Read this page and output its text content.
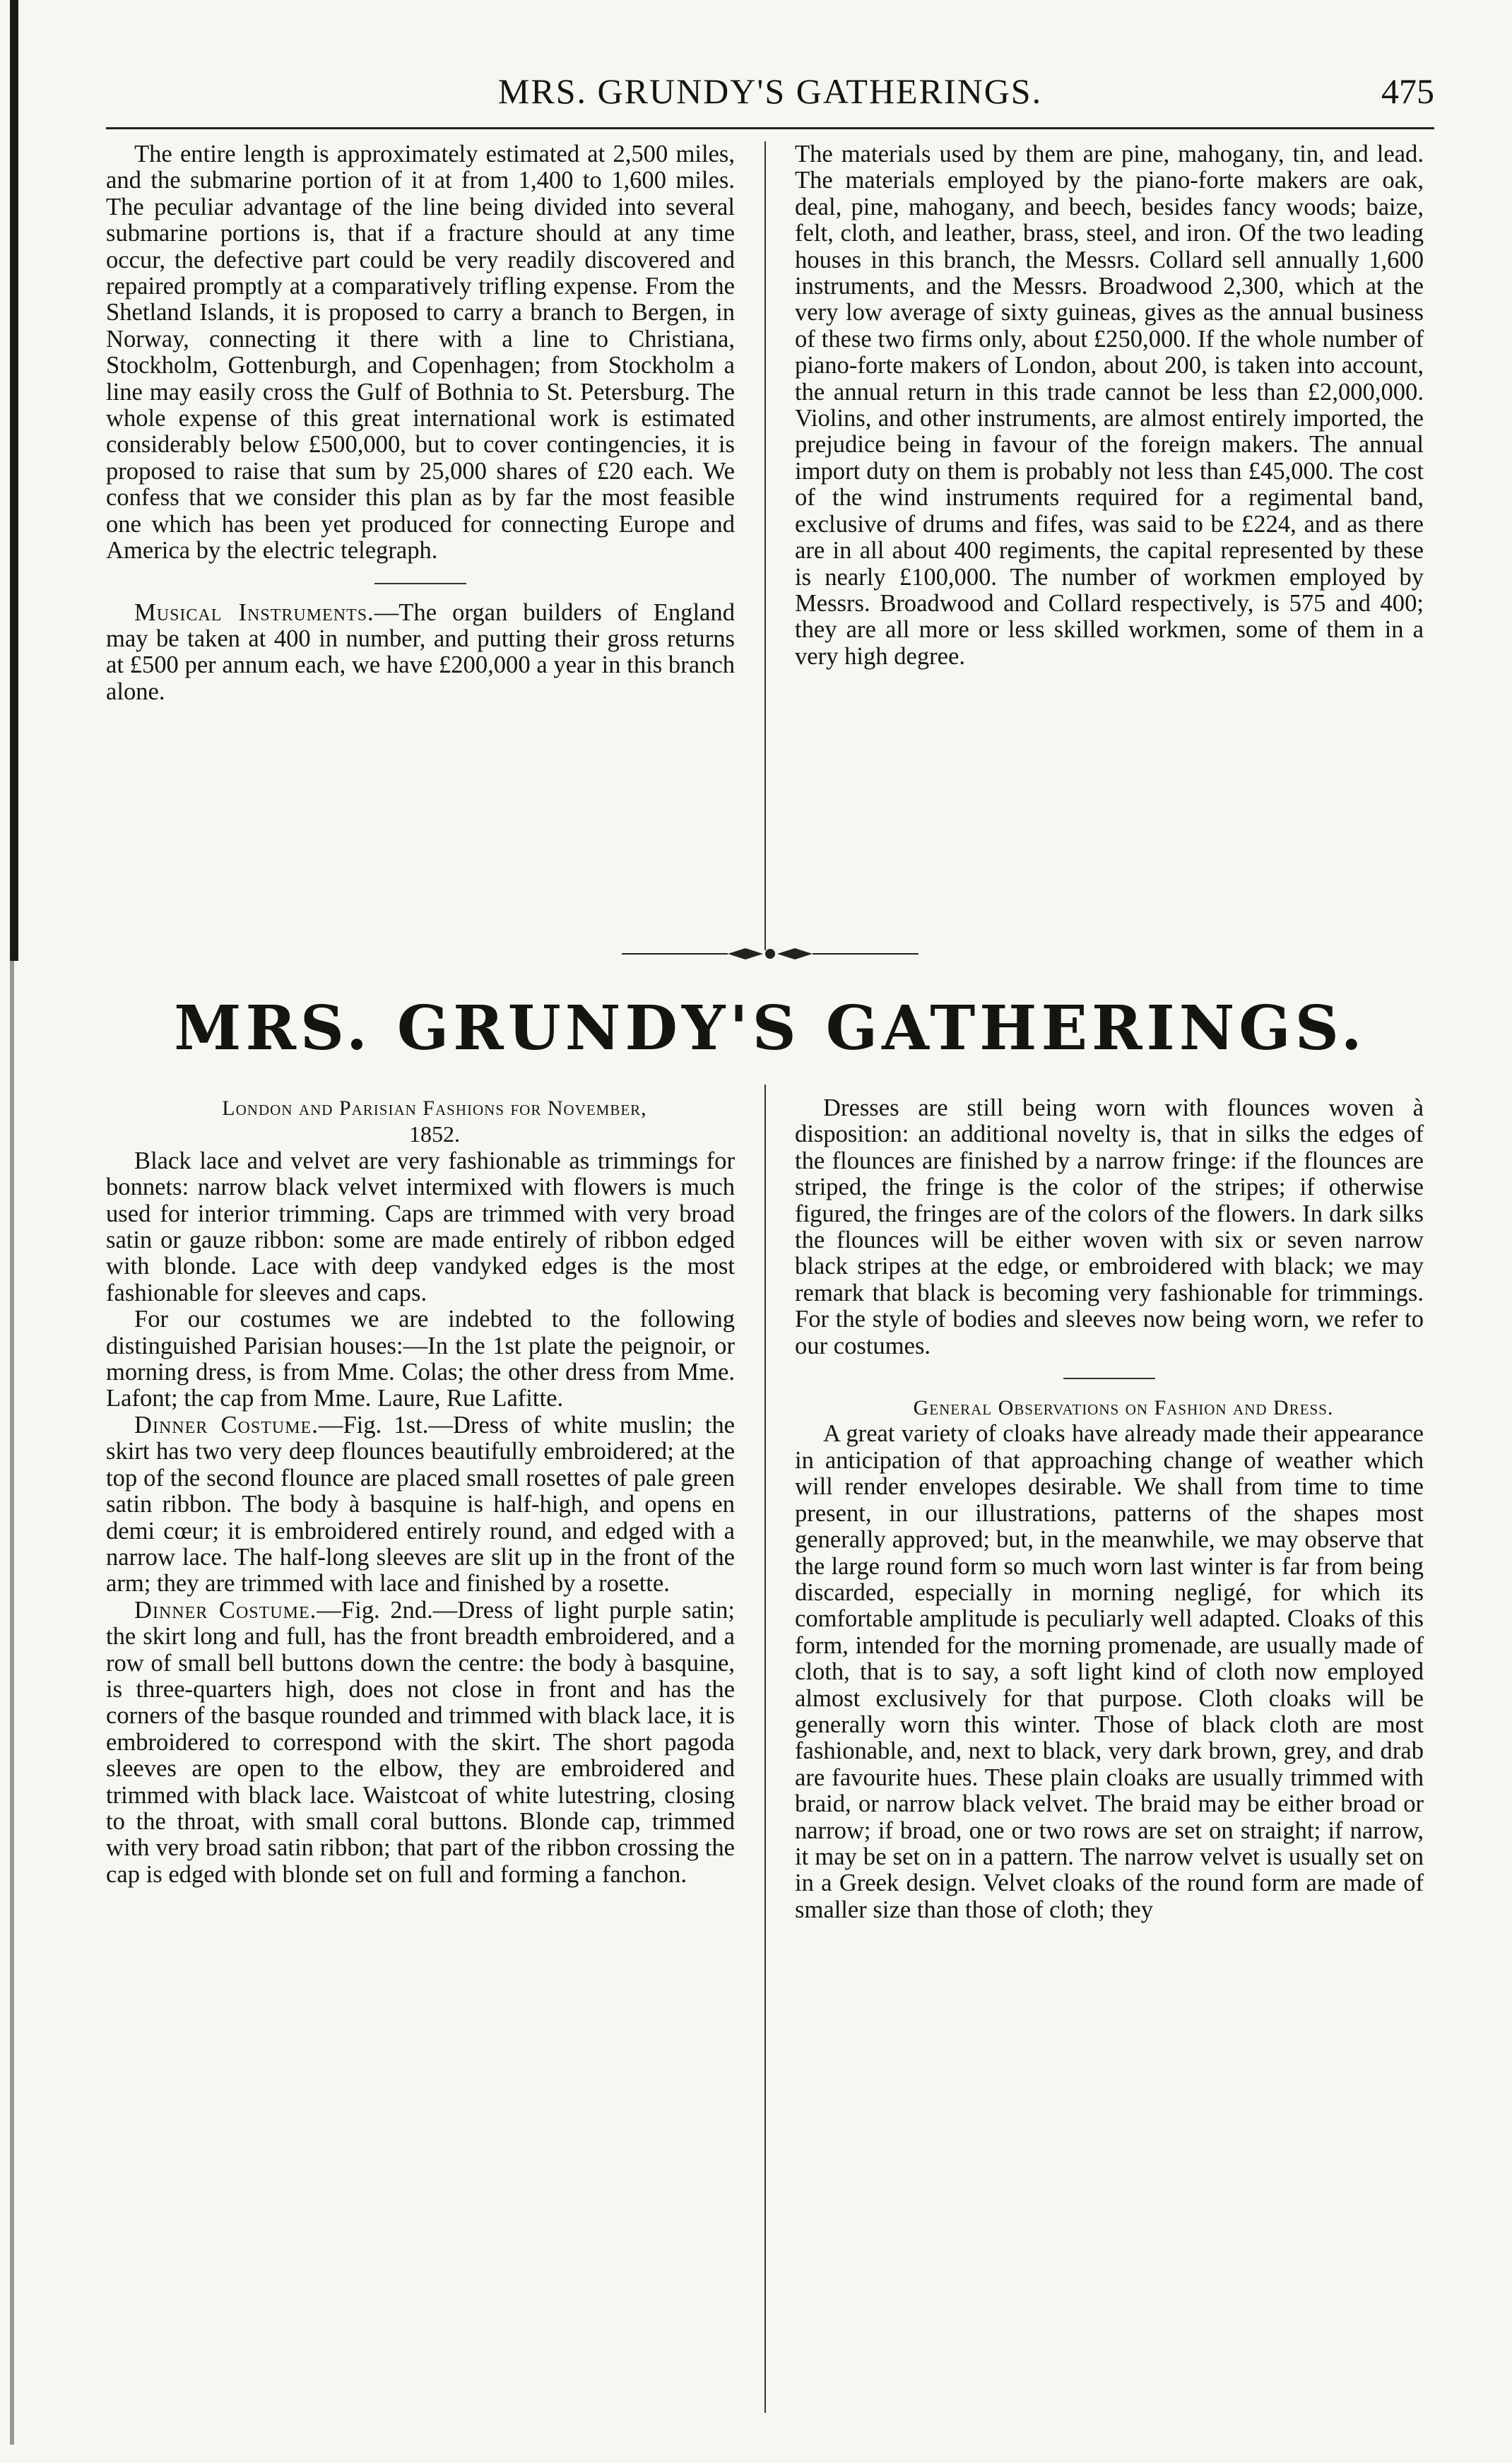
MRS. GRUNDY'S GATHERINGS.	475

The entire length is approximately estimated at 2,500 miles, and the submarine portion of it at from 1,400 to 1,600 miles. The peculiar advantage of the line being divided into several submarine portions is, that if a fracture should at any time occur, the defective part could be very readily discovered and repaired promptly at a comparatively trifling expense. From the Shetland Islands, it is proposed to carry a branch to Bergen, in Norway, connecting it there with a line to Christiana, Stockholm, Gottenburgh, and Copenhagen; from Stockholm a line may easily cross the Gulf of Bothnia to St. Petersburg. The whole expense of this great international work is estimated considerably below £500,000, but to cover contingencies, it is proposed to raise that sum by 25,000 shares of £20 each. We confess that we consider this plan as by far the most feasible one which has been yet produced for connecting Europe and America by the electric telegraph.

Musical Instruments.—The organ builders of England may be taken at 400 in number, and putting their gross returns at £500 per annum each, we have £200,000 a year in this branch alone.

The materials used by them are pine, mahogany, tin, and lead. The materials employed by the piano-forte makers are oak, deal, pine, mahogany, and beech, besides fancy woods; baize, felt, cloth, and leather, brass, steel, and iron. Of the two leading houses in this branch, the Messrs. Collard sell annually 1,600 instruments, and the Messrs. Broadwood 2,300, which at the very low average of sixty guineas, gives as the annual business of these two firms only, about £250,000. If the whole number of piano-forte makers of London, about 200, is taken into account, the annual return in this trade cannot be less than £2,000,000. Violins, and other instruments, are almost entirely imported, the prejudice being in favour of the foreign makers. The annual import duty on them is probably not less than £45,000. The cost of the wind instruments required for a regimental band, exclusive of drums and fifes, was said to be £224, and as there are in all about 400 regiments, the capital represented by these is nearly £100,000. The number of workmen employed by Messrs. Broadwood and Collard respectively, is 575 and 400; they are all more or less skilled workmen, some of them in a very high degree.

MRS. GRUNDY'S GATHERINGS.

London and Parisian Fashions for November,

1852.

Black lace and velvet are very fashionable as trimmings for bonnets: narrow black velvet intermixed with flowers is much used for interior trimming. Caps are trimmed with very broad satin or gauze ribbon: some are made entirely of ribbon edged with blonde. Lace with deep vandyked edges is the most fashionable for sleeves and caps.

For our costumes we are indebted to the following distinguished Parisian houses:—In the 1st plate the peignoir, or morning dress, is from Mme. Colas; the other dress from Mme. Lafont; the cap from Mme. Laure, Rue Lafitte.

Dinner Costume.—Fig. 1st.—Dress of white muslin; the skirt has two very deep flounces beautifully embroidered; at the top of the second flounce are placed small rosettes of pale green satin ribbon. The body à basquine is half-high, and opens en demi cœur; it is embroidered entirely round, and edged with a narrow lace. The half-long sleeves are slit up in the front of the arm; they are trimmed with lace and finished by a rosette.

Dinner Costume.—Fig. 2nd.—Dress of light purple satin; the skirt long and full, has the front breadth embroidered, and a row of small bell buttons down the centre: the body à basquine, is three-quarters high, does not close in front and has the corners of the basque rounded and trimmed with black lace, it is embroidered to correspond with the skirt. The short pagoda sleeves are open to the elbow, they are embroidered and trimmed with black lace. Waistcoat of white lutestring, closing to the throat, with small coral buttons. Blonde cap, trimmed with very broad satin ribbon; that part of the ribbon crossing the cap is edged with blonde set on full and forming a fanchon.

Dresses are still being worn with flounces woven à disposition: an additional novelty is, that in silks the edges of the flounces are finished by a narrow fringe: if the flounces are striped, the fringe is the color of the stripes; if otherwise figured, the fringes are of the colors of the flowers. In dark silks the flounces will be either woven with six or seven narrow black stripes at the edge, or embroidered with black; we may remark that black is becoming very fashionable for trimmings. For the style of bodies and sleeves now being worn, we refer to our costumes.

General Observations on Fashion and Dress.

A great variety of cloaks have already made their appearance in anticipation of that approaching change of weather which will render envelopes desirable. We shall from time to time present, in our illustrations, patterns of the shapes most generally approved; but, in the meanwhile, we may observe that the large round form so much worn last winter is far from being discarded, especially in morning negligé, for which its comfortable amplitude is peculiarly well adapted. Cloaks of this form, intended for the morning promenade, are usually made of cloth, that is to say, a soft light kind of cloth now employed almost exclusively for that purpose. Cloth cloaks will be generally worn this winter. Those of black cloth are most fashionable, and, next to black, very dark brown, grey, and drab are favourite hues. These plain cloaks are usually trimmed with braid, or narrow black velvet. The braid may be either broad or narrow; if broad, one or two rows are set on straight; if narrow, it may be set on in a pattern. The narrow velvet is usually set on in a Greek design. Velvet cloaks of the round form are made of smaller size than those of cloth; they
